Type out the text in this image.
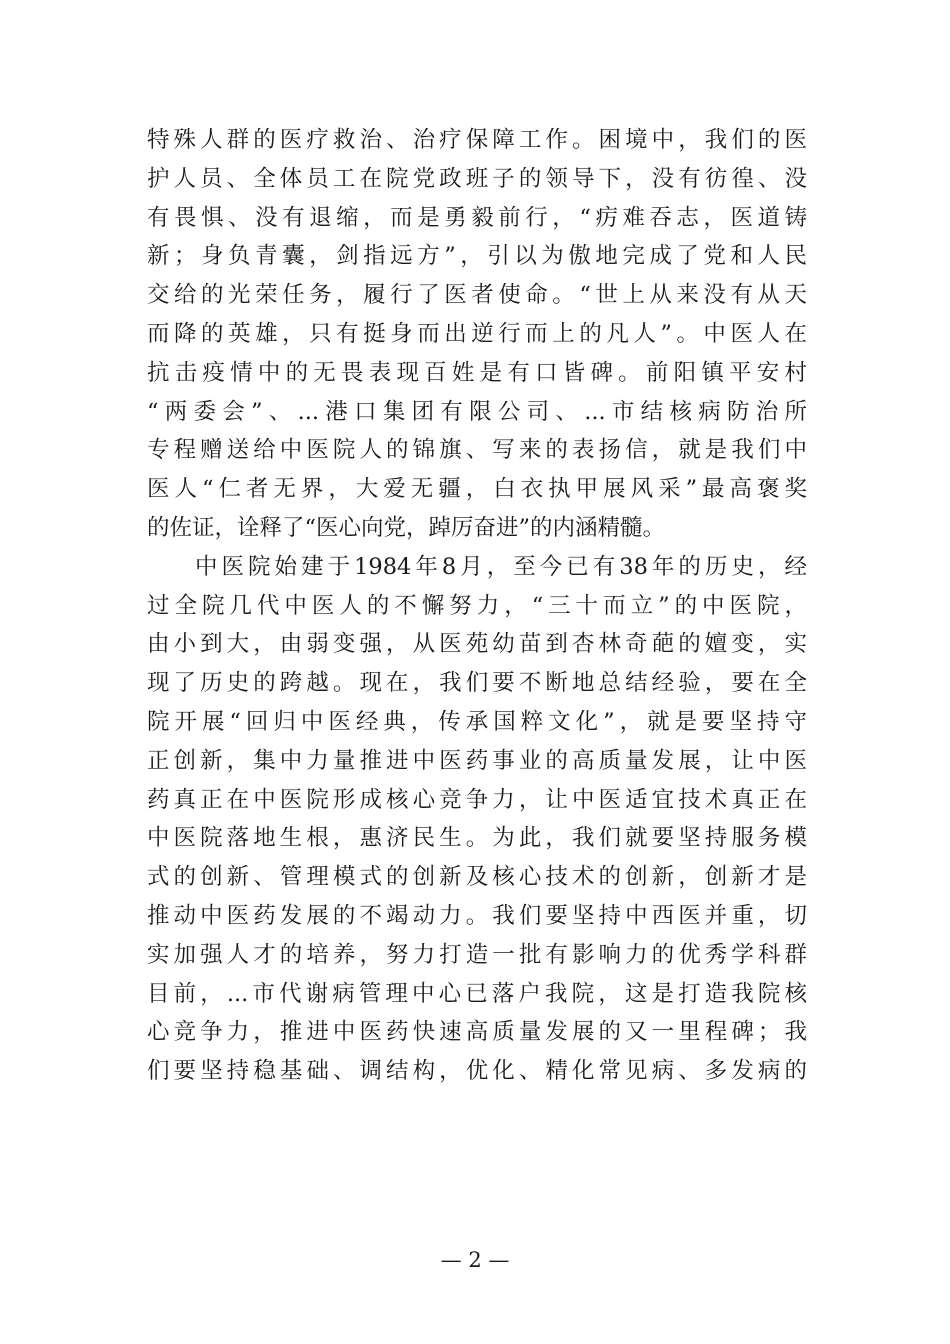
特殊人群的医疗救治、治疗保障工作。困境中，我们的医
护人员、全体员工在院党政班子的领导下，没有彷徨、没
有畏惧、没有退缩，而是勇毅前行，“疠难吞志，医道铸
新；身负青囊，剑指远方”，引以为傲地完成了党和人民
交给的光荣任务，履行了医者使命。“世上从来没有从天
而降的英雄，只有挺身而出逆行而上的凡人”。中医人在
抗击疫情中的无畏表现百姓是有口皆碑。前阳镇平安村
“两委会”、...港口集团有限公司、...市结核病防治所
专程赠送给中医院人的锦旗、写来的表扬信，就是我们中
医人“仁者无界，大爱无疆，白衣执甲展风采”最高褒奖
的佐证，诠释了“医心向党，踔厉奋进”的内涵精髓。
中医院始建于1984年8月，至今已有38年的历史，经
过全院几代中医人的不懈努力，“三十而立”的中医院，
由小到大，由弱变强，从医苑幼苗到杏林奇葩的嬗变，实
现了历史的跨越。现在，我们要不断地总结经验，要在全
院开展“回归中医经典，传承国粹文化”，就是要坚持守
正创新，集中力量推进中医药事业的高质量发展，让中医
药真正在中医院形成核心竞争力，让中医适宜技术真正在
中医院落地生根，惠济民生。为此，我们就要坚持服务模
式的创新、管理模式的创新及核心技术的创新，创新才是
推动中医药发展的不竭动力。我们要坚持中西医并重，切
实加强人才的培养，努力打造一批有影响力的优秀学科群
目前，...市代谢病管理中心已落户我院，这是打造我院核
心竞争力，推进中医药快速高质量发展的又一里程碑；我
们要坚持稳基础、调结构，优化、精化常见病、多发病的
— 2 —
